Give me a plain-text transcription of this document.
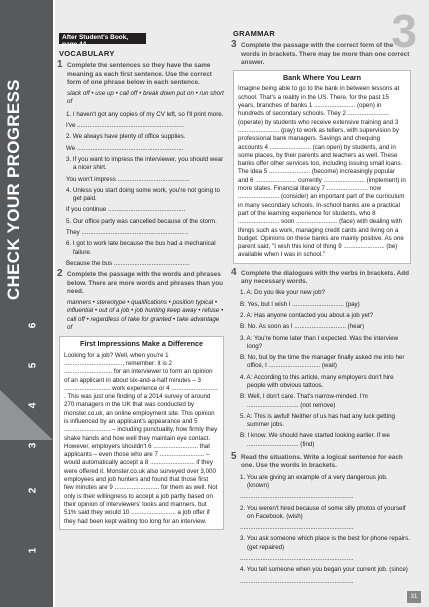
CHECK YOUR PROGRESS
6
5
4
3
2
1
3
After Student's Book, page 44
VOCABULARY
1 Complete the sentences so they have the same meaning as each first sentence. Use the correct form of one phrase below in each sentence.
slack off • use up • call off • break down put on • run short of
1. I haven't got any copies of my CV left, so I'll print more.
I've ..............................................................
2. We always have plenty of office supplies.
We ..............................................................
3. If you want to impress the interviewer, you should wear a nicer shirt.
You won't impress ..........................................
4. Unless you start doing some work, you're not going to get paid.
If you continue .............................................
5. Our office party was cancelled because of the storm.
They ..............................................................
6. I got to work late because the bus had a mechanical failure.
Because the bus ............................................
2 Complete the passage with the words and phrases below. There are more words and phrases than you need.
manners • stereotype • qualifications • position typical • influential • out of a job • job hunting keep away • refuse • call off • regardless of take for granted • take advantage of
First Impressions Make a Difference
Looking for a job? Well, when you're 1 .................................., remember: it is 2 ............................ for an interviewer to form an opinion of an applicant in about six-and-a-half minutes – 3 ........................... work experience or 4 ........................... . This was just one finding of a 2014 survey of around 270 managers in the UK that was conducted by monster.co.uk, an online employment site. This opinion is influenced by an applicant's appearance and 5 ........................... – including punctuality, how firmly they shake hands and how well they maintain eye contact. However, employers shouldn't 6 .......................... that applicants – even those who are 7 .......................... – would automatically accept a 8 .......................... if they were offered it. Monster.co.uk also surveyed over 3,000 employees and job hunters and found that those first few minutes are 9 .......................... for them as well. Not only is their willingness to accept a job partly based on their opinion of interviewers' looks and manners, but 51% said they would 10 .......................... a job offer if they had been kept waiting too long for an interview.
GRAMMAR
3 Complete the passage with the correct form of the words in brackets. There may be more than one correct answer.
Bank Where You Learn
Imagine being able to go to the bank in between lessons at school. That's a reality in the US. There, for the past 15 years, branches of banks 1 ........................ (open) in hundreds of secondary schools. They 2 ........................ (operate) by students who receive extensive training and 3 ........................ (pay) to work as tellers, with supervision by professional bank managers. Savings and chequing accounts 4 ........................ (can open) by students, and in some places, by their parents and teachers as well. These banks offer other services too, including issuing small loans. The idea 5 ........................ (become) increasingly popular and 6 ........................ currently ........................ (implement) in more states. Financial literacy 7 ........................ now ........................ (consider) an important part of the curriculum in many secondary schools. In-school banks are a practical part of the learning experience for students, who 8 ........................ soon ........................ (face) with dealing with things such as work, managing credit cards and living on a budget. Opinions on these banks are mainly positive. As one parent said, "I wish this kind of thing 9 ........................ (be) available when I was in school."
4 Complete the dialogues with the verbs in brackets. Add any necessary words.
1. A: Do you like your new job?
B: Yes, but I wish I .............................. (pay)
2. A: Has anyone contacted you about a job yet?
B: No. As soon as I .............................. (hear)
3. A: You're home later than I expected. Was the interview long?
B: No, but by the time the manager finally asked me into her office, I .............................. (wait)
4. A: According to this article, many employers don't hire people with obvious tattoos.
B: Well, I don't care. That's narrow-minded. I'm .............................. (not remove)
5. A: This is awful! Neither of us has had any luck getting summer jobs.
B: I know. We should have started looking earlier. If we .............................. (find)
5 Read the situations. Write a logical sentence for each one. Use the words in brackets.
1. You are giving an example of a very dangerous job. (known)
..................................................................
2. You weren't hired because of some silly photos of yourself on Facebook. (wish)
..................................................................
3. You ask someone which place is the best for phone repairs. (get repaired)
..................................................................
4. You tell someone when you began your current job. (since)
..................................................................
31
